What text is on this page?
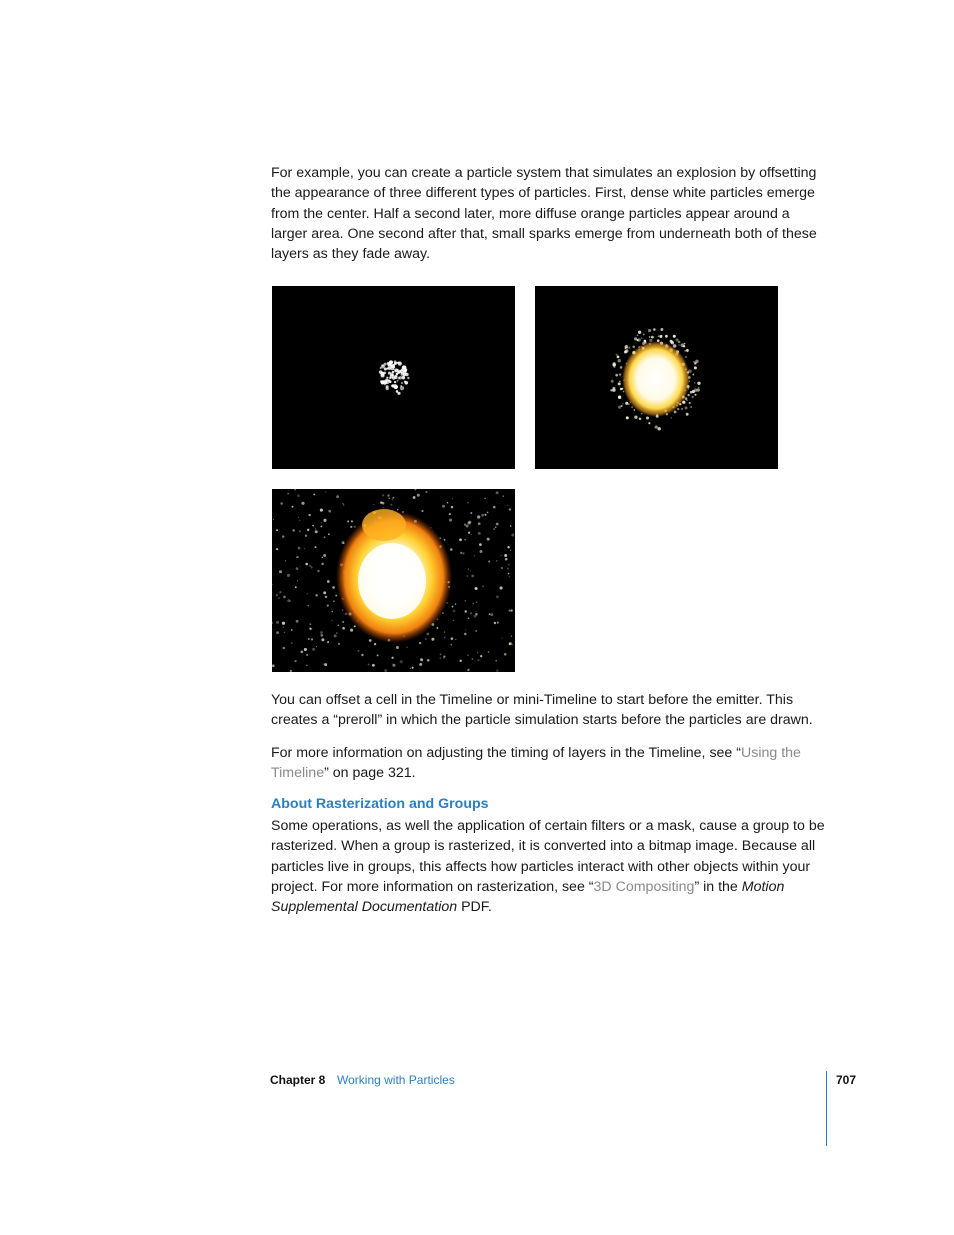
For example, you can create a particle system that simulates an explosion by offsetting the appearance of three different types of particles. First, dense white particles emerge from the center. Half a second later, more diffuse orange particles appear around a larger area. One second after that, small sparks emerge from underneath both of these layers as they fade away.

You can offset a cell in the Timeline or mini-Timeline to start before the emitter. This creates a “preroll” in which the particle simulation starts before the particles are drawn.

For more information on adjusting the timing of layers in the Timeline, see “Using the Timeline” on page 321.

About Rasterization and Groups

Some operations, as well the application of certain filters or a mask, cause a group to be rasterized. When a group is rasterized, it is converted into a bitmap image. Because all particles live in groups, this affects how particles interact with other objects within your project. For more information on rasterization, see “3D Compositing” in the Motion Supplemental Documentation PDF.

Chapter 8 Working with Particles	707
